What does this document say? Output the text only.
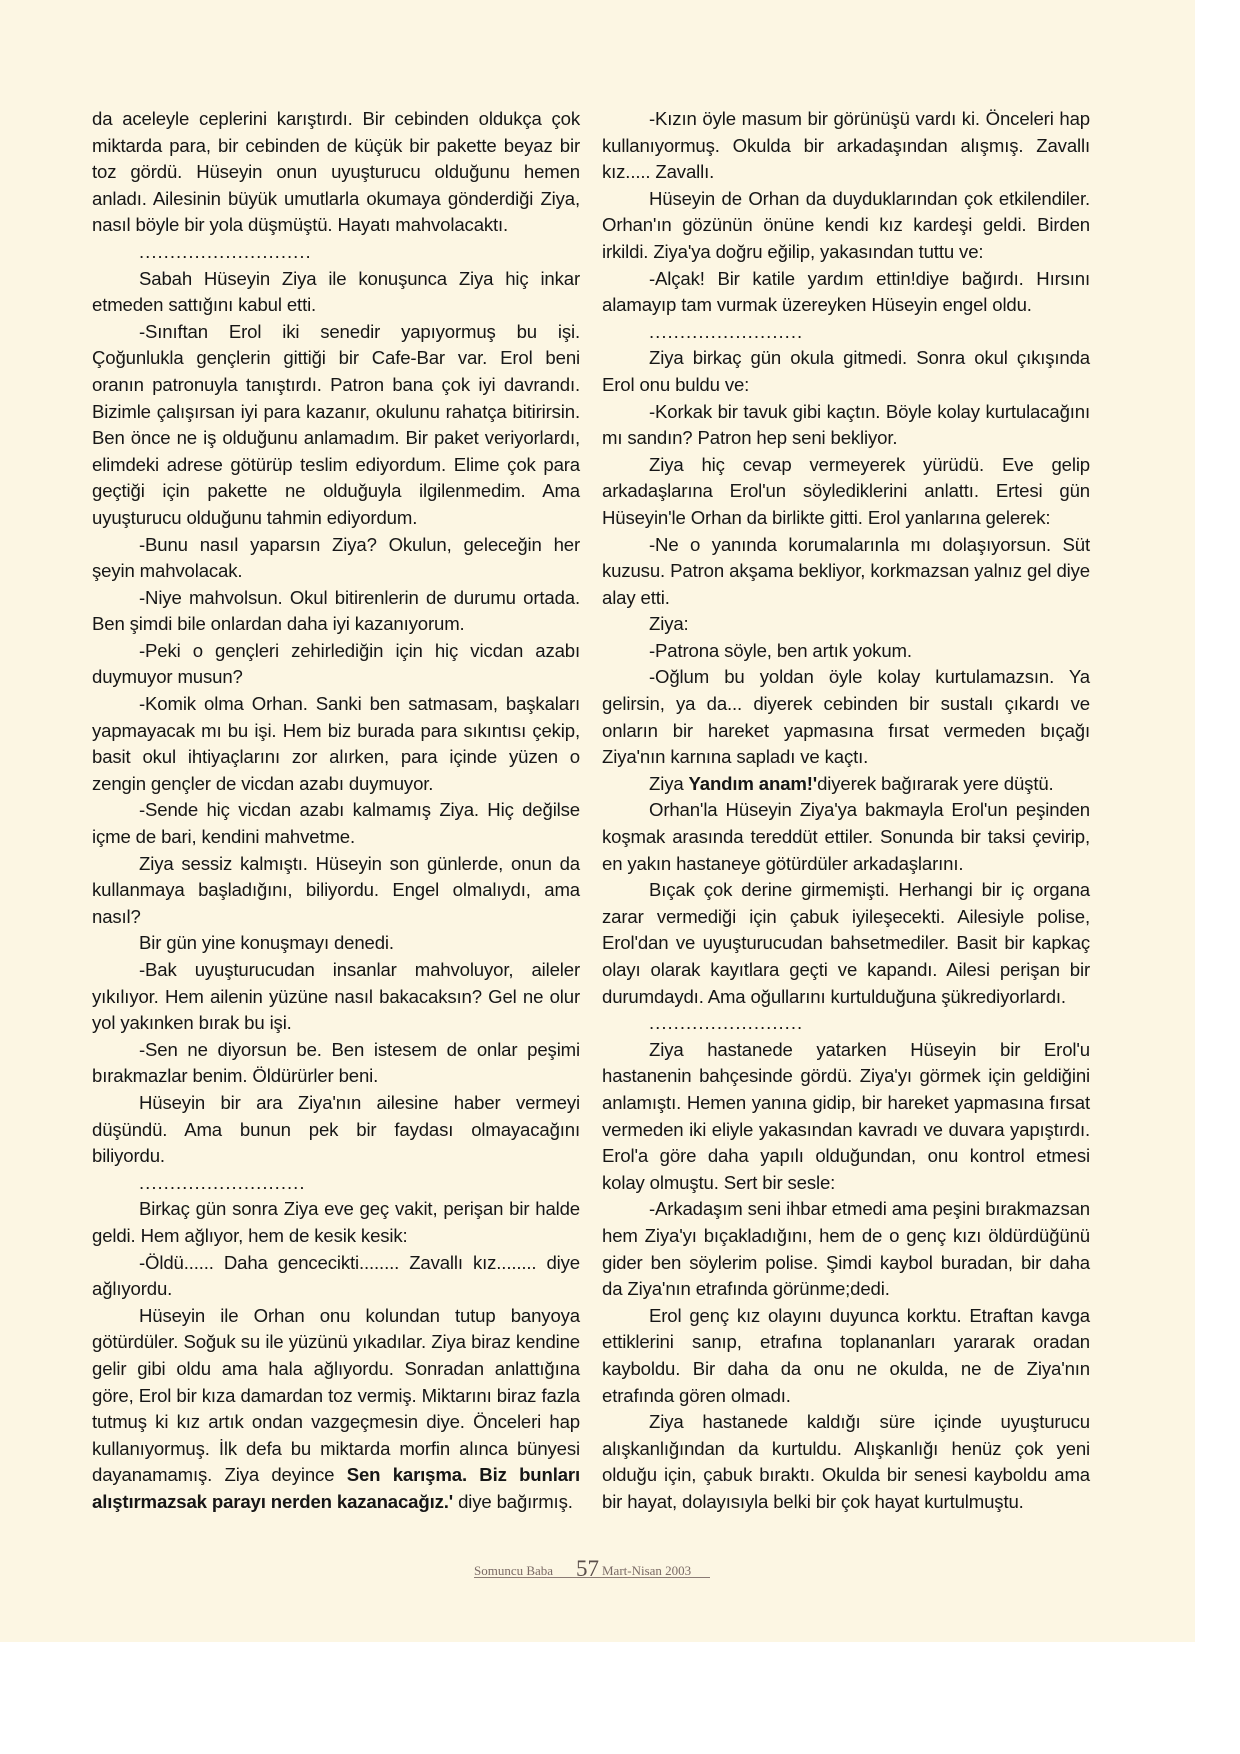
da aceleyle ceplerini karıştırdı. Bir cebinden oldukça çok miktarda para, bir cebinden de küçük bir pakette beyaz bir toz gördü. Hüseyin onun uyuşturucu olduğunu hemen anladı. Ailesinin büyük umutlarla okumaya gönderdiği Ziya, nasıl böyle bir yola düşmüştü. Hayatı mahvolacaktı.

............................

Sabah Hüseyin Ziya ile konuşunca Ziya hiç inkar etmeden sattığını kabul etti.

-Sınıftan Erol iki senedir yapıyormuş bu işi. Çoğunlukla gençlerin gittiği bir Cafe-Bar var. Erol beni oranın patronuyla tanıştırdı. Patron bana çok iyi davrandı. Bizimle çalışırsan iyi para kazanır, okulunu rahatça bitirirsin. Ben önce ne iş olduğunu anlamadım. Bir paket veriyorlardı, elimdeki adrese götürüp teslim ediyordum. Elime çok para geçtiği için pakette ne olduğuyla ilgilenmedim. Ama uyuşturucu olduğunu tahmin ediyordum.

-Bunu nasıl yaparsın Ziya? Okulun, geleceğin her şeyin mahvolacak.

-Niye mahvolsun. Okul bitirenlerin de durumu ortada. Ben şimdi bile onlardan daha iyi kazanıyorum.

-Peki o gençleri zehirlediğin için hiç vicdan azabı duymuyor musun?

-Komik olma Orhan. Sanki ben satmasam, başkaları yapmayacak mı bu işi. Hem biz burada para sıkıntısı çekip, basit okul ihtiyaçlarını zor alırken, para içinde yüzen o zengin gençler de vicdan azabı duymuyor.

-Sende hiç vicdan azabı kalmamış Ziya. Hiç değilse içme de bari, kendini mahvetme.

Ziya sessiz kalmıştı. Hüseyin son günlerde, onun da kullanmaya başladığını, biliyordu. Engel olmalıydı, ama nasıl?

Bir gün yine konuşmayı denedi.

-Bak uyuşturucudan insanlar mahvoluyor, aileler yıkılıyor. Hem ailenin yüzüne nasıl bakacaksın? Gel ne olur yol yakınken bırak bu işi.

-Sen ne diyorsun be. Ben istesem de onlar peşimi bırakmazlar benim. Öldürürler beni.

Hüseyin bir ara Ziya'nın ailesine haber vermeyi düşündü. Ama bunun pek bir faydası olmayacağını biliyordu.

...........................

Birkaç gün sonra Ziya eve geç vakit, perişan bir halde geldi. Hem ağlıyor, hem de kesik kesik:

-Öldü...... Daha gencecikti........ Zavallı kız........ diye ağlıyordu.

Hüseyin ile Orhan onu kolundan tutup banyoya götürdüler. Soğuk su ile yüzünü yıkadılar. Ziya biraz kendine gelir gibi oldu ama hala ağlıyordu. Sonradan anlattığına göre, Erol bir kıza damardan toz vermiş. Miktarını biraz fazla tutmuş ki kız artık ondan vazgeçmesin diye. Önceleri hap kullanıyormuş. İlk defa bu miktarda morfin alınca bünyesi dayanamamış. Ziya deyince Sen karışma. Biz bunları alıştırmazsak parayı nerden kazanacağız.' diye bağırmış.

-Kızın öyle masum bir görünüşü vardı ki. Önceleri hap kullanıyormuş. Okulda bir arkadaşından alışmış. Zavallı kız..... Zavallı.

Hüseyin de Orhan da duyduklarından çok etkilendiler. Orhan'ın gözünün önüne kendi kız kardeşi geldi. Birden irkildi. Ziya'ya doğru eğilip, yakasından tuttu ve:

-Alçak! Bir katile yardım ettin!diye bağırdı. Hırsını alamayıp tam vurmak üzereyken Hüseyin engel oldu.

.........................

Ziya birkaç gün okula gitmedi. Sonra okul çıkışında Erol onu buldu ve:

-Korkak bir tavuk gibi kaçtın. Böyle kolay kurtulacağını mı sandın? Patron hep seni bekliyor.

Ziya hiç cevap vermeyerek yürüdü. Eve gelip arkadaşlarına Erol'un söylediklerini anlattı. Ertesi gün Hüseyin'le Orhan da birlikte gitti. Erol yanlarına gelerek:

-Ne o yanında korumalarınla mı dolaşıyorsun. Süt kuzusu. Patron akşama bekliyor, korkmazsan yalnız gel diye alay etti.

Ziya:

-Patrona söyle, ben artık yokum.

-Oğlum bu yoldan öyle kolay kurtulamazsın. Ya gelirsin, ya da... diyerek cebinden bir sustalı çıkardı ve onların bir hareket yapmasına fırsat vermeden bıçağı Ziya'nın karnına sapladı ve kaçtı.

Ziya Yandım anam!'diyerek bağırarak yere düştü.

Orhan'la Hüseyin Ziya'ya bakmayla Erol'un peşinden koşmak arasında tereddüt ettiler. Sonunda bir taksi çevirip, en yakın hastaneye götürdüler arkadaşlarını.

Bıçak çok derine girmemişti. Herhangi bir iç organa zarar vermediği için çabuk iyileşecekti. Ailesiyle polise, Erol'dan ve uyuşturucudan bahsetmediler. Basit bir kapkaç olayı olarak kayıtlara geçti ve kapandı. Ailesi perişan bir durumdaydı. Ama oğullarını kurtulduğuna şükrediyorlardı.

.........................

Ziya hastanede yatarken Hüseyin bir Erol'u hastanenin bahçesinde gördü. Ziya'yı görmek için geldiğini anlamıştı. Hemen yanına gidip, bir hareket yapmasına fırsat vermeden iki eliyle yakasından kavradı ve duvara yapıştırdı. Erol'a göre daha yapılı olduğundan, onu kontrol etmesi kolay olmuştu. Sert bir sesle:

-Arkadaşım seni ihbar etmedi ama peşini bırakmazsan hem Ziya'yı bıçakladığını, hem de o genç kızı öldürdüğünü gider ben söylerim polise. Şimdi kaybol buradan, bir daha da Ziya'nın etrafında görünme;dedi.

Erol genç kız olayını duyunca korktu. Etraftan kavga ettiklerini sanıp, etrafına toplananları yararak oradan kayboldu. Bir daha da onu ne okulda, ne de Ziya'nın etrafında gören olmadı.

Ziya hastanede kaldığı süre içinde uyuşturucu alışkanlığından da kurtuldu. Alışkanlığı henüz çok yeni olduğu için, çabuk bıraktı. Okulda bir senesi kayboldu ama bir hayat, dolayısıyla belki bir çok hayat kurtulmuştu.

Somuncu Baba 57 Mart-Nisan 2003
